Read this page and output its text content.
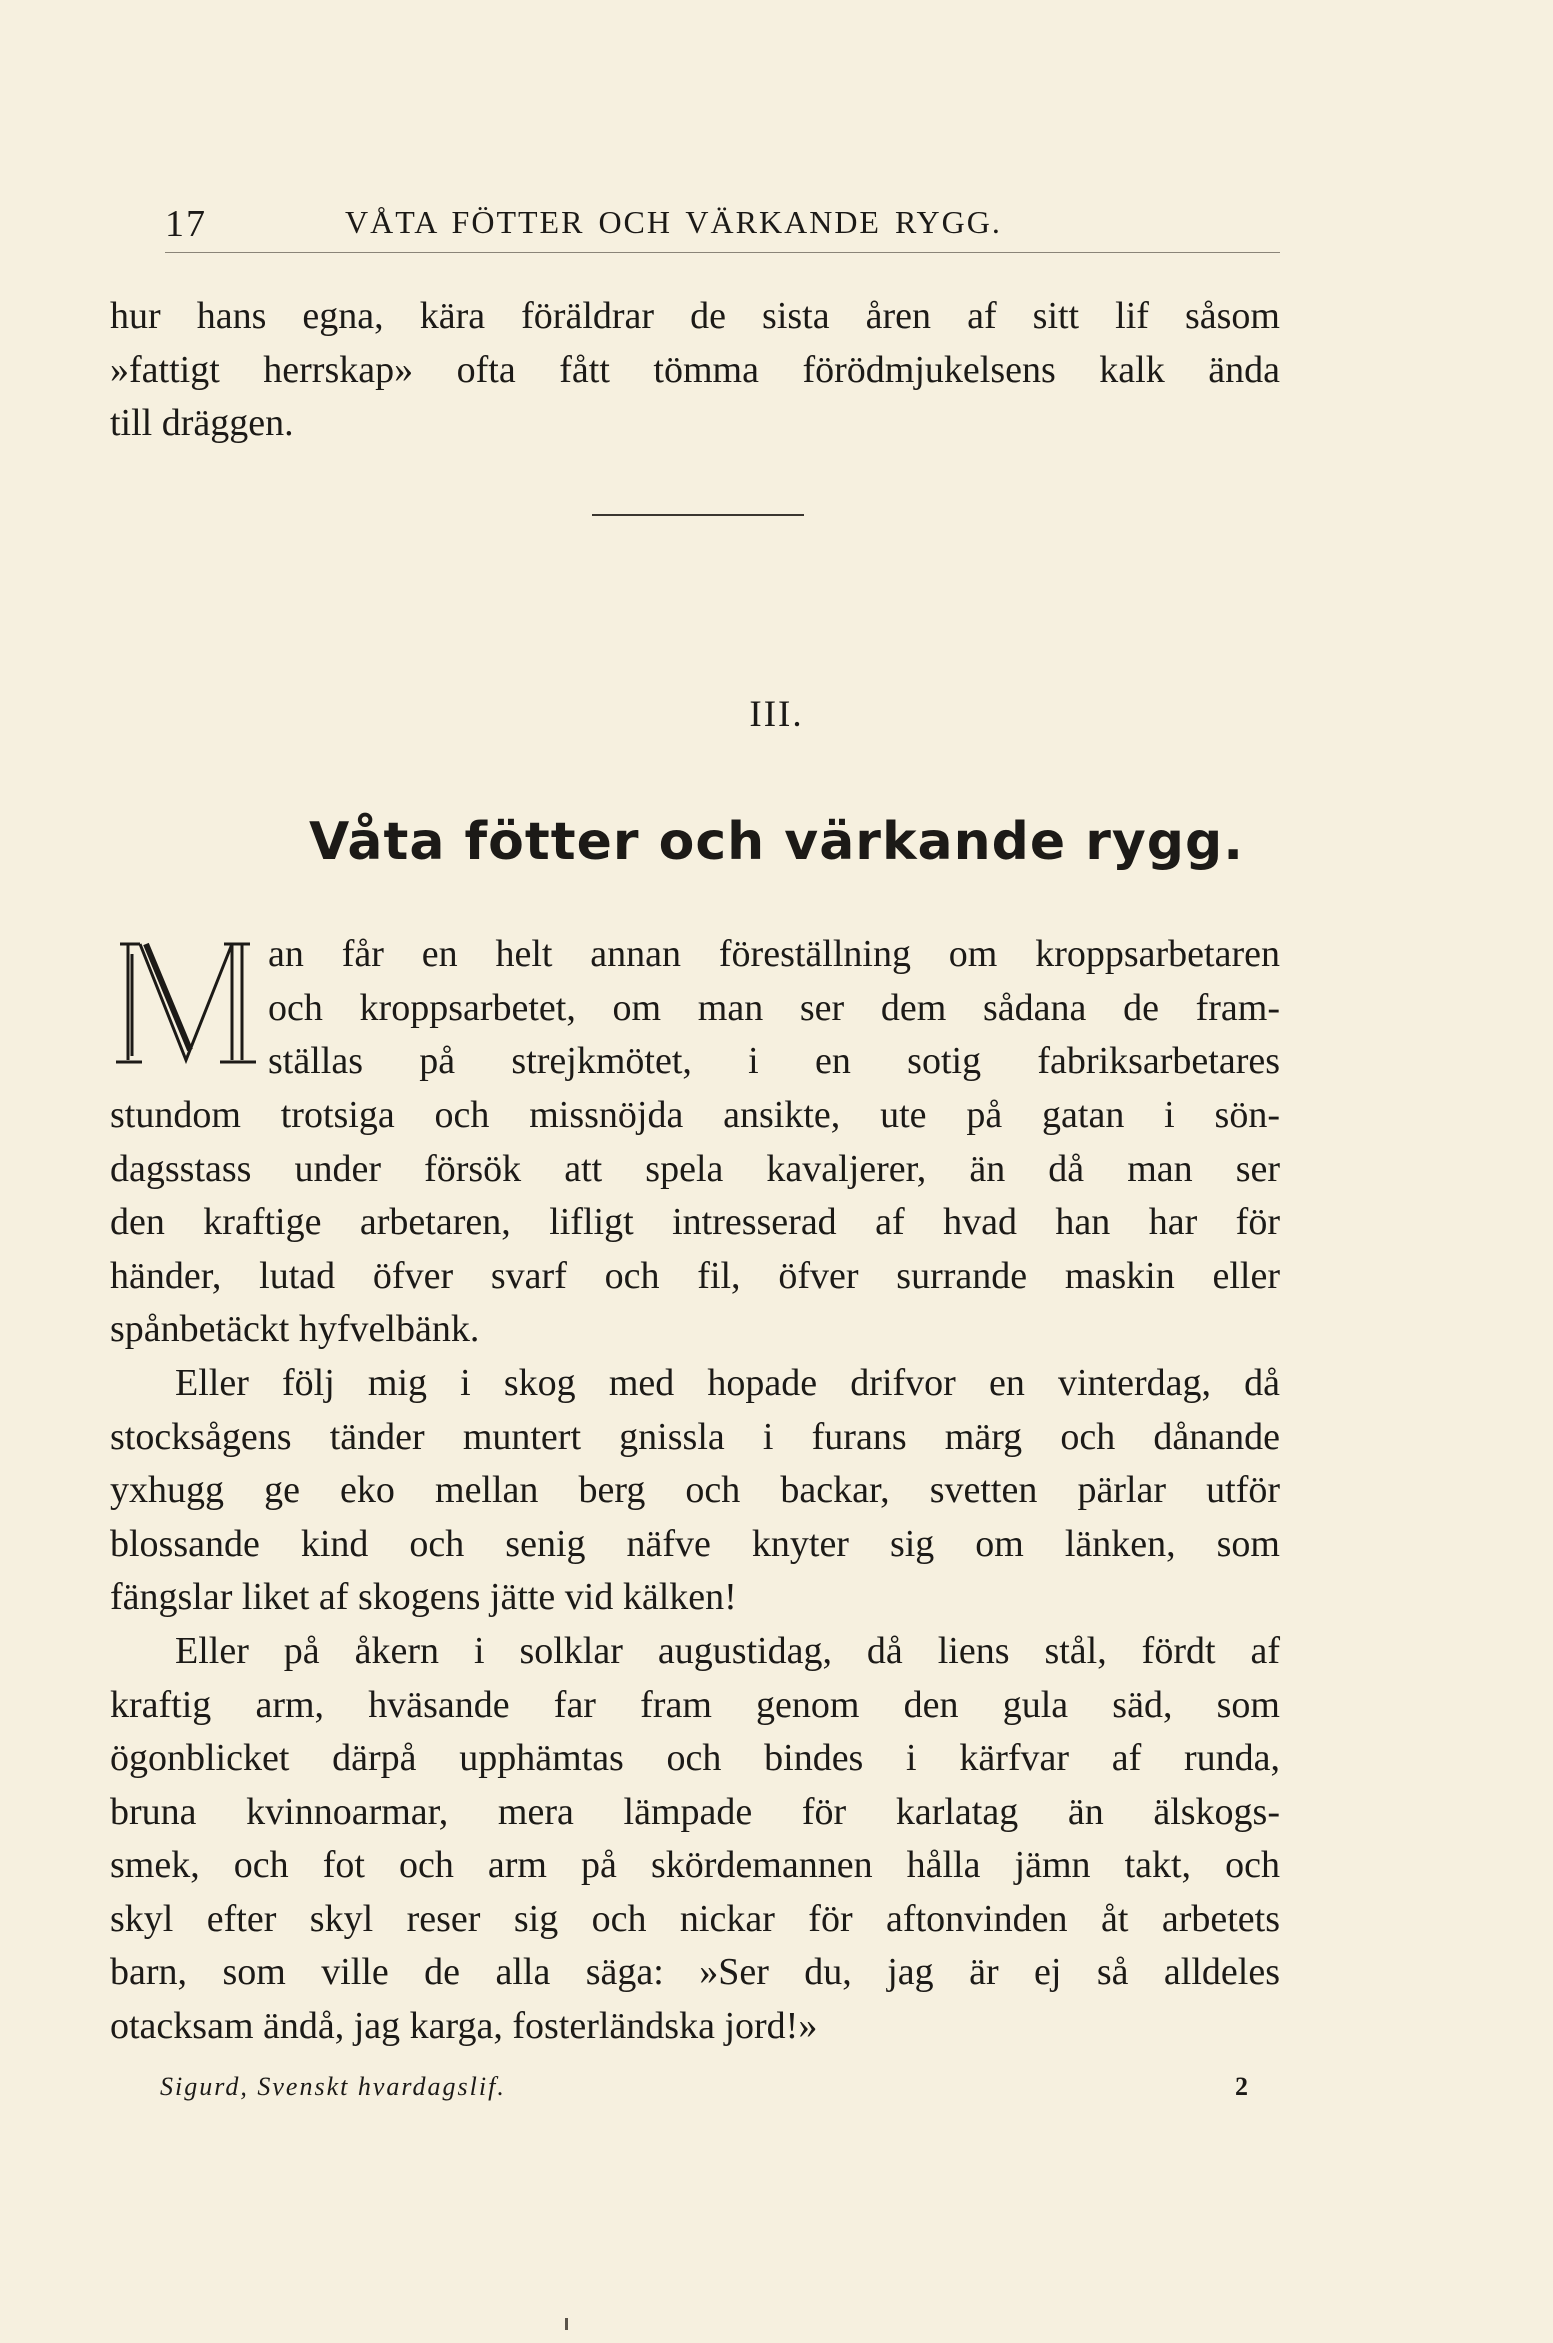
17	VÅTA FÖTTER OCH VÄRKANDE RYGG.
hur hans egna, kära föräldrar de sista åren af sitt lif såsom
»fattigt herrskap» ofta fått tömma förödmjukelsens kalk ända
till dräggen.
III.
Våta fötter och värkande rygg.
an får en helt annan föreställning om kroppsarbetaren
och kroppsarbetet, om man ser dem sådana de fram-
ställas på strejkmötet, i en sotig fabriksarbetares
stundom trotsiga och missnöjda ansikte, ute på gatan i sön-
dagsstass under försök att spela kavaljerer, än då man ser
den kraftige arbetaren, lifligt intresserad af hvad han har för
händer, lutad öfver svarf och fil, öfver surrande maskin eller
spånbetäckt hyfvelbänk.
Eller följ mig i skog med hopade drifvor en vinterdag, då
stocksågens tänder muntert gnissla i furans märg och dånande
yxhugg ge eko mellan berg och backar, svetten pärlar utför
blossande kind och senig näfve knyter sig om länken, som
fängslar liket af skogens jätte vid kälken!
Eller på åkern i solklar augustidag, då liens stål, fördt af
kraftig arm, hväsande far fram genom den gula säd, som
ögonblicket därpå upphämtas och bindes i kärfvar af runda,
bruna kvinnoarmar, mera lämpade för karlatag än älskogs-
smek, och fot och arm på skördemannen hålla jämn takt, och
skyl efter skyl reser sig och nickar för aftonvinden åt arbetets
barn, som ville de alla säga: »Ser du, jag är ej så alldeles
otacksam ändå, jag karga, fosterländska jord!»
Sigurd, Svenskt hvardagslif.	2
